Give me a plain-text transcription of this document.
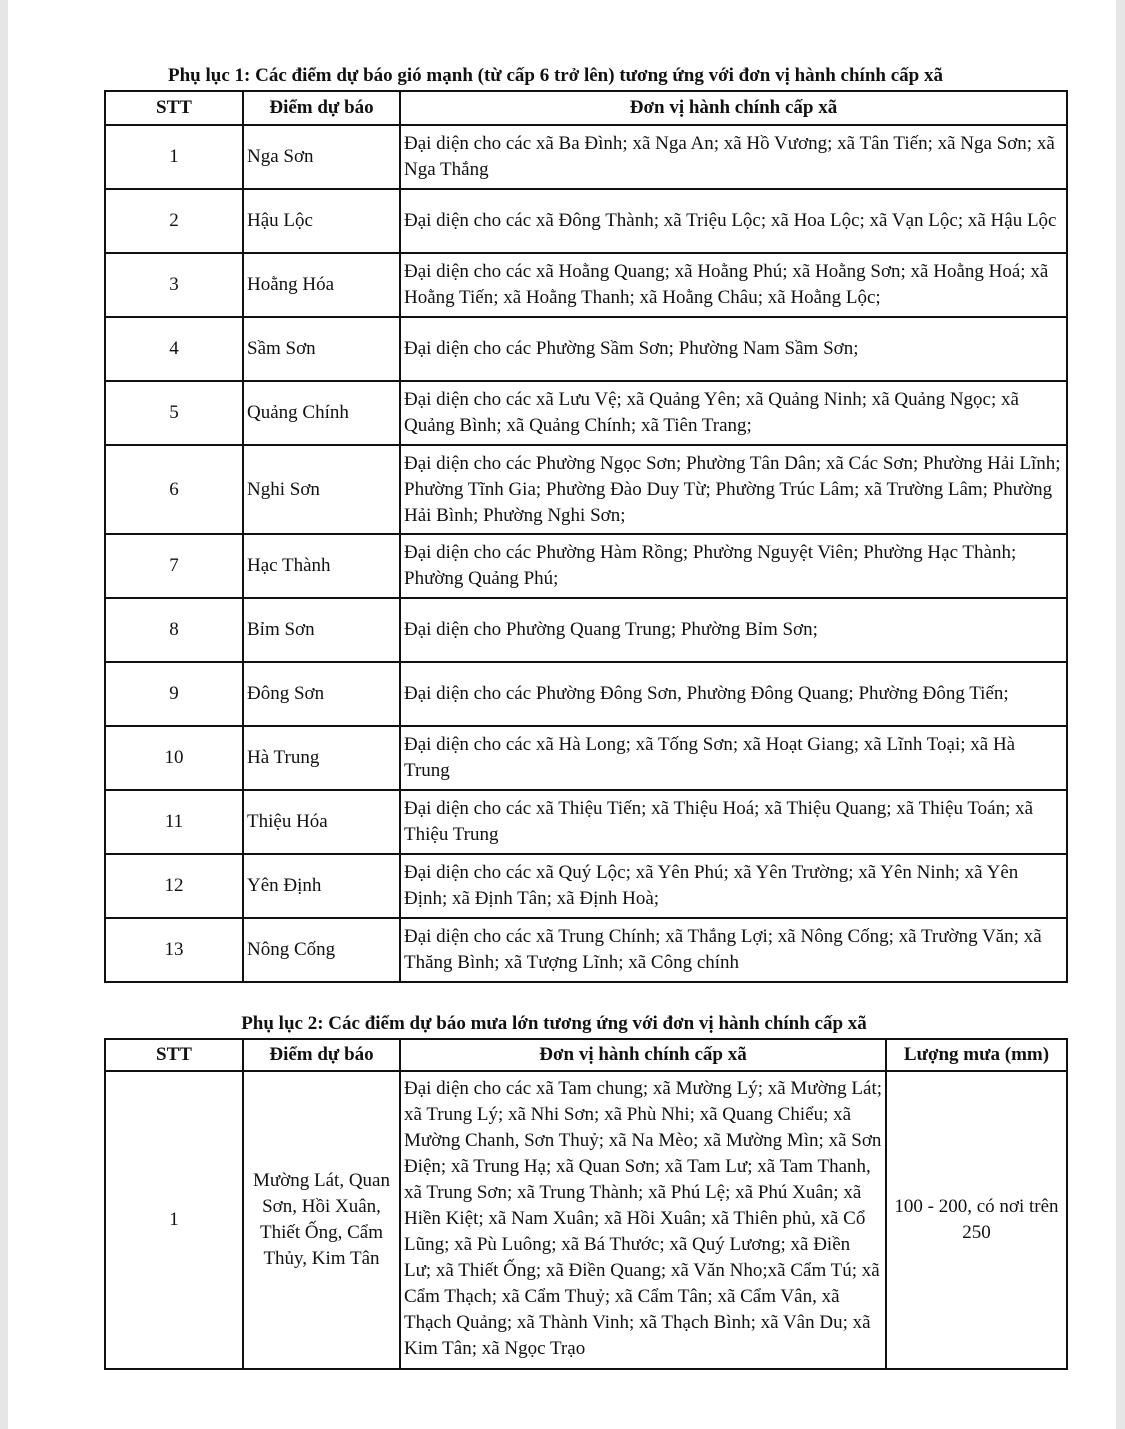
Phụ lục 1: Các điểm dự báo gió mạnh (từ cấp 6 trở lên) tương ứng với đơn vị hành chính cấp xã
STT	Điểm dự báo	Đơn vị hành chính cấp xã
1	Nga Sơn	Đại diện cho các xã Ba Đình; xã Nga An; xã Hồ Vương; xã Tân Tiến; xã Nga Sơn; xã Nga Thắng
2	Hậu Lộc	Đại diện cho các xã Đông Thành; xã Triệu Lộc; xã Hoa Lộc; xã Vạn Lộc; xã Hậu Lộc
3	Hoằng Hóa	Đại diện cho các xã Hoằng Quang; xã Hoằng Phú; xã Hoằng Sơn; xã Hoằng Hoá; xã Hoằng Tiến; xã Hoằng Thanh; xã Hoằng Châu; xã Hoằng Lộc;
4	Sầm Sơn	Đại diện cho các Phường Sầm Sơn; Phường Nam Sầm Sơn;
5	Quảng Chính	Đại diện cho các xã Lưu Vệ; xã Quảng Yên; xã Quảng Ninh; xã Quảng Ngọc; xã Quảng Bình; xã Quảng Chính; xã Tiên Trang;
6	Nghi Sơn	Đại diện cho các Phường Ngọc Sơn; Phường Tân Dân; xã Các Sơn; Phường Hải Lĩnh; Phường Tĩnh Gia; Phường Đào Duy Từ; Phường Trúc Lâm; xã Trường Lâm; Phường Hải Bình; Phường Nghi Sơn;
7	Hạc Thành	Đại diện cho các Phường Hàm Rồng; Phường Nguyệt Viên; Phường Hạc Thành; Phường Quảng Phú;
8	Bỉm Sơn	Đại diện cho Phường Quang Trung; Phường Bỉm Sơn;
9	Đông Sơn	Đại diện cho các Phường Đông Sơn, Phường Đông Quang; Phường Đông Tiến;
10	Hà Trung	Đại diện cho các xã Hà Long; xã Tống Sơn; xã Hoạt Giang; xã Lĩnh Toại; xã Hà Trung
11	Thiệu Hóa	Đại diện cho các xã Thiệu Tiến; xã Thiệu Hoá; xã Thiệu Quang; xã Thiệu Toán; xã Thiệu Trung
12	Yên Định	Đại diện cho các xã Quý Lộc; xã Yên Phú; xã Yên Trường; xã Yên Ninh; xã Yên Định; xã Định Tân; xã Định Hoà;
13	Nông Cống	Đại diện cho các xã Trung Chính; xã Thắng Lợi; xã Nông Cống; xã Trường Văn; xã Thăng Bình; xã Tượng Lĩnh; xã Công chính
Phụ lục 2: Các điểm dự báo mưa lớn tương ứng với đơn vị hành chính cấp xã
STT	Điểm dự báo	Đơn vị hành chính cấp xã	Lượng mưa (mm)
1	Mường Lát, Quan Sơn, Hồi Xuân, Thiết Ống, Cẩm Thủy, Kim Tân	Đại diện cho các xã Tam chung; xã Mường Lý; xã Mường Lát; xã Trung Lý; xã Nhi Sơn; xã Phù Nhi; xã Quang Chiểu; xã Mường Chanh, Sơn Thuỷ; xã Na Mèo; xã Mường Mìn; xã Sơn Điện; xã Trung Hạ; xã Quan Sơn; xã Tam Lư; xã Tam Thanh, xã Trung Sơn; xã Trung Thành; xã Phú Lệ; xã Phú Xuân; xã Hiền Kiệt; xã Nam Xuân; xã Hồi Xuân; xã Thiên phủ, xã Cổ Lũng; xã Pù Luông; xã Bá Thước; xã Quý Lương; xã Điền Lư; xã Thiết Ống; xã Điền Quang; xã Văn Nho;xã Cẩm Tú; xã Cẩm Thạch; xã Cẩm Thuỷ; xã Cẩm Tân; xã Cẩm Vân, xã Thạch Quảng; xã Thành Vinh; xã Thạch Bình; xã Vân Du; xã Kim Tân; xã Ngọc Trạo	100 - 200, có nơi trên 250
